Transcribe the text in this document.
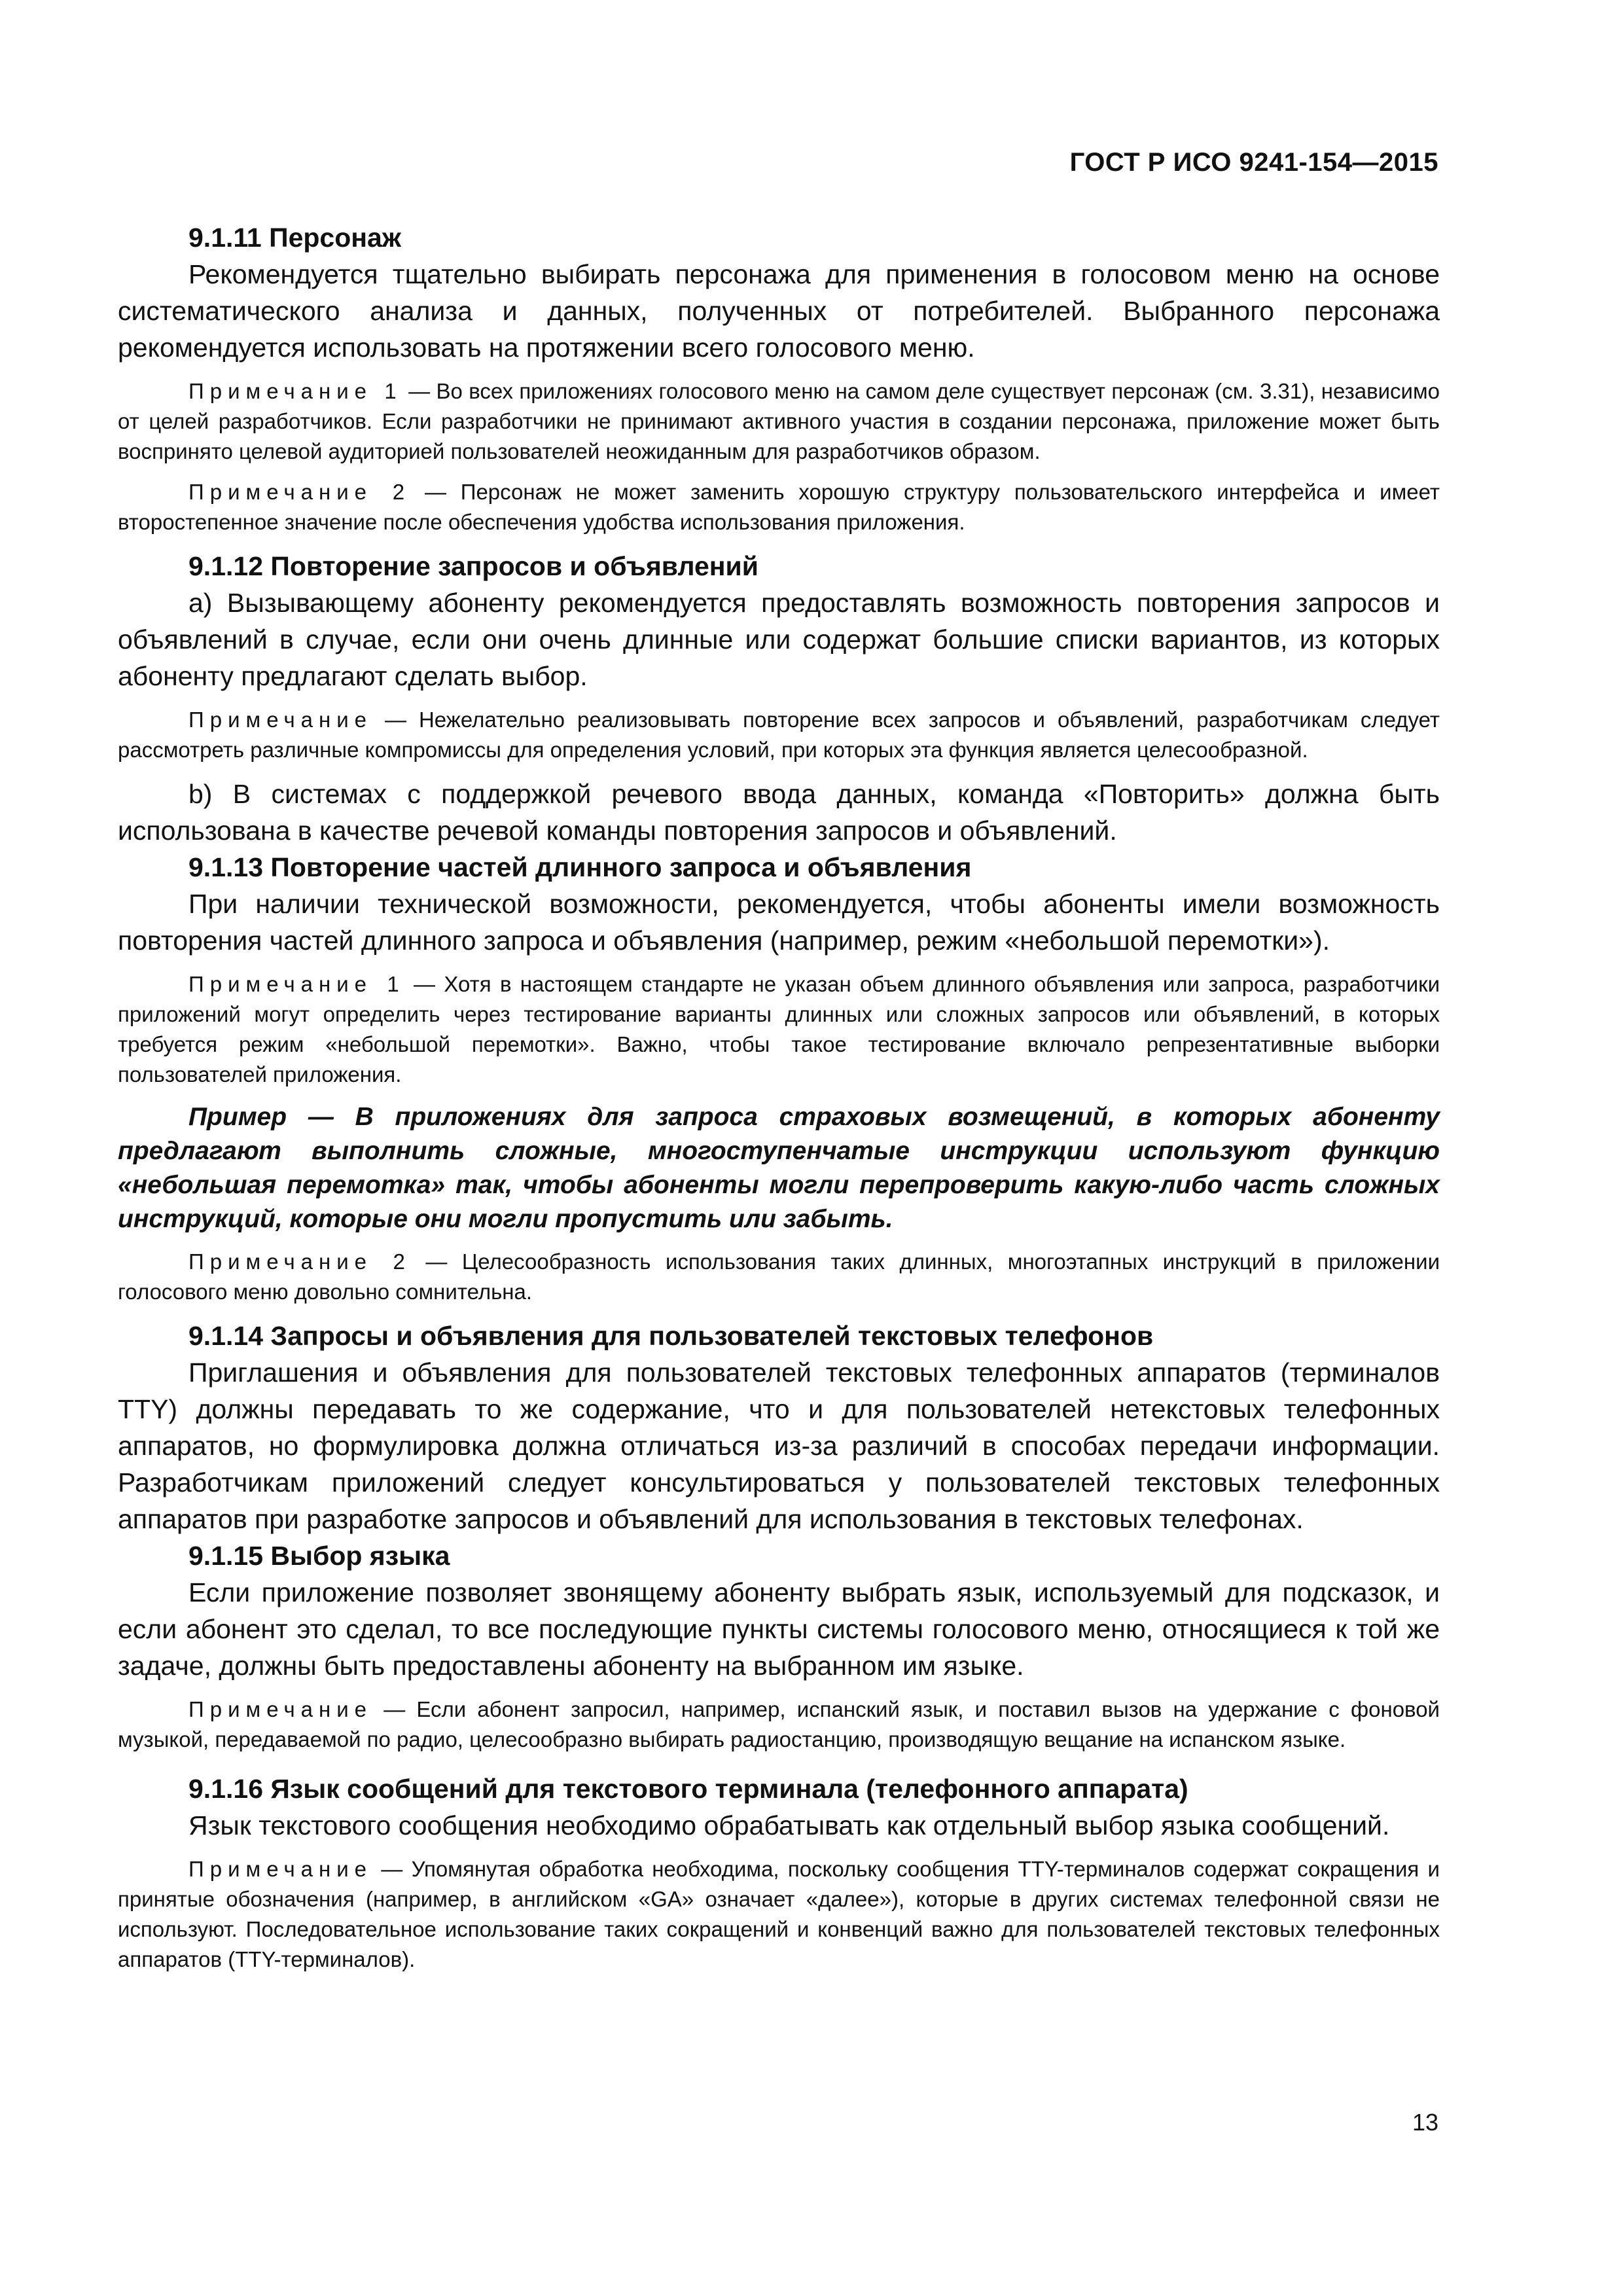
ГОСТ Р ИСО 9241-154—2015

9.1.11 Персонаж

Рекомендуется тщательно выбирать персонажа для применения в голосовом меню на основе систематического анализа и данных, полученных от потребителей. Выбранного персонажа рекомендуется использовать на протяжении всего голосового меню.

Примечание 1 — Во всех приложениях голосового меню на самом деле существует персонаж (см. 3.31), независимо от целей разработчиков. Если разработчики не принимают активного участия в создании персонажа, приложение может быть воспринято целевой аудиторией пользователей неожиданным для разработчиков образом.

Примечание 2 — Персонаж не может заменить хорошую структуру пользовательского интерфейса и имеет второстепенное значение после обеспечения удобства использования приложения.

9.1.12 Повторение запросов и объявлений

а) Вызывающему абоненту рекомендуется предоставлять возможность повторения запросов и объявлений в случае, если они очень длинные или содержат большие списки вариантов, из которых абоненту предлагают сделать выбор.

Примечание — Нежелательно реализовывать повторение всех запросов и объявлений, разработчикам следует рассмотреть различные компромиссы для определения условий, при которых эта функция является целесообразной.

b) В системах с поддержкой речевого ввода данных, команда «Повторить» должна быть использована в качестве речевой команды повторения запросов и объявлений.

9.1.13 Повторение частей длинного запроса и объявления

При наличии технической возможности, рекомендуется, чтобы абоненты имели возможность повторения частей длинного запроса и объявления (например, режим «небольшой перемотки»).

Примечание 1 — Хотя в настоящем стандарте не указан объем длинного объявления или запроса, разработчики приложений могут определить через тестирование варианты длинных или сложных запросов или объявлений, в которых требуется режим «небольшой перемотки». Важно, чтобы такое тестирование включало репрезентативные выборки пользователей приложения.

Пример — В приложениях для запроса страховых возмещений, в которых абоненту предлагают выполнить сложные, многоступенчатые инструкции используют функцию «небольшая перемотка» так, чтобы абоненты могли перепроверить какую-либо часть сложных инструкций, которые они могли пропустить или забыть.

Примечание 2 — Целесообразность использования таких длинных, многоэтапных инструкций в приложении голосового меню довольно сомнительна.

9.1.14 Запросы и объявления для пользователей текстовых телефонов

Приглашения и объявления для пользователей текстовых телефонных аппаратов (терминалов TTY) должны передавать то же содержание, что и для пользователей нетекстовых телефонных аппаратов, но формулировка должна отличаться из-за различий в способах передачи информации. Разработчикам приложений следует консультироваться у пользователей текстовых телефонных аппаратов при разработке запросов и объявлений для использования в текстовых телефонах.

9.1.15 Выбор языка

Если приложение позволяет звонящему абоненту выбрать язык, используемый для подсказок, и если абонент это сделал, то все последующие пункты системы голосового меню, относящиеся к той же задаче, должны быть предоставлены абоненту на выбранном им языке.

Примечание — Если абонент запросил, например, испанский язык, и поставил вызов на удержание с фоновой музыкой, передаваемой по радио, целесообразно выбирать радиостанцию, производящую вещание на испанском языке.

9.1.16 Язык сообщений для текстового терминала (телефонного аппарата)

Язык текстового сообщения необходимо обрабатывать как отдельный выбор языка сообщений.

Примечание — Упомянутая обработка необходима, поскольку сообщения TTY-терминалов содержат сокращения и принятые обозначения (например, в английском «GA» означает «далее»), которые в других системах телефонной связи не используют. Последовательное использование таких сокращений и конвенций важно для пользователей текстовых телефонных аппаратов (TTY-терминалов).

13
